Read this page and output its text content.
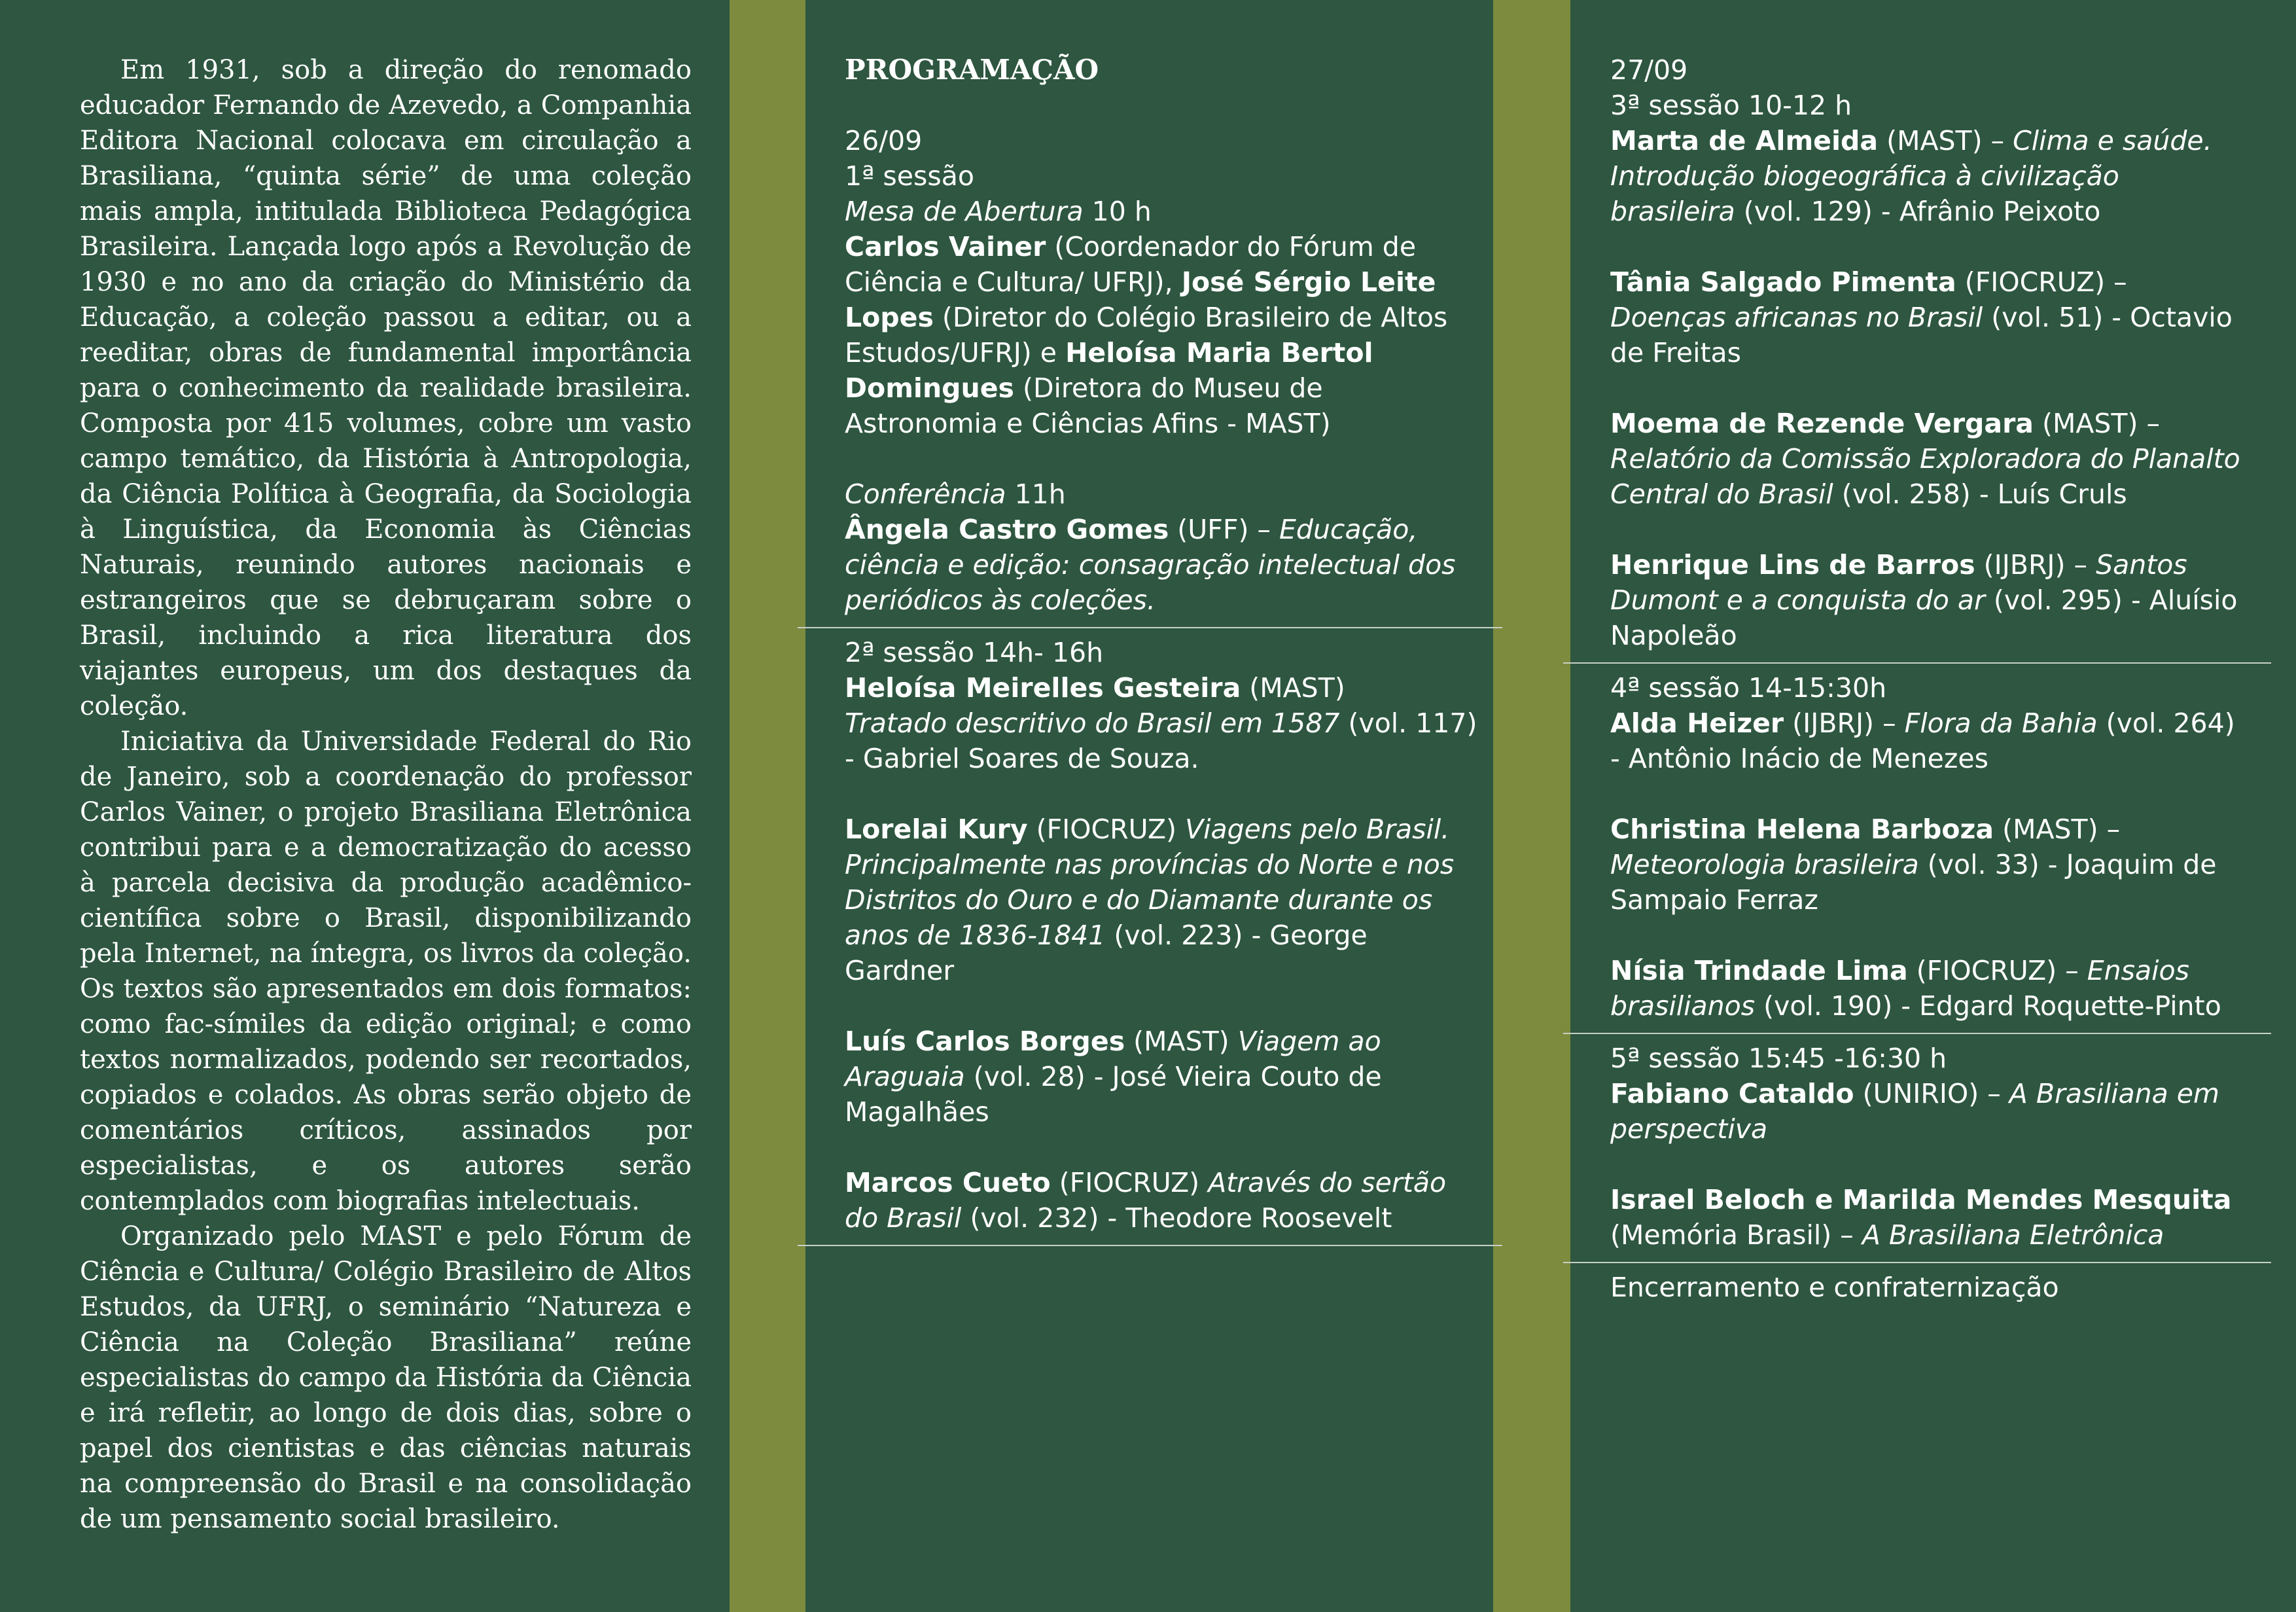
Em 1931, sob a direção do renomado educador Fernando de Azevedo, a Companhia Editora Nacional colocava em circulação a Brasiliana, “quinta série” de uma coleção mais ampla, intitulada Biblioteca Pedagógica Brasileira. Lançada logo após a Revolução de 1930 e no ano da criação do Ministério da Educação, a coleção passou a editar, ou a reeditar, obras de fundamental importância para o conhecimento da realidade brasileira. Composta por 415 volumes, cobre um vasto campo temático, da História à Antropologia, da Ciência Política à Geografia, da Sociologia à Linguística, da Economia às Ciências Naturais, reunindo autores nacionais e estrangeiros que se debruçaram sobre o Brasil, incluindo a rica literatura dos viajantes europeus, um dos destaques da coleção.

Iniciativa da Universidade Federal do Rio de Janeiro, sob a coordenação do professor Carlos Vainer, o projeto Brasiliana Eletrônica contribui para e a democratização do acesso à parcela decisiva da produção acadêmico-científica sobre o Brasil, disponibilizando pela Internet, na íntegra, os livros da coleção. Os textos são apresentados em dois formatos: como fac-símiles da edição original; e como textos normalizados, podendo ser recortados, copiados e colados. As obras serão objeto de comentários críticos, assinados por especialistas, e os autores serão contemplados com biografias intelectuais.

Organizado pelo MAST e pelo Fórum de Ciência e Cultura/ Colégio Brasileiro de Altos Estudos, da UFRJ, o seminário “Natureza e Ciência na Coleção Brasiliana” reúne especialistas do campo da História da Ciência e irá refletir, ao longo de dois dias, sobre o papel dos cientistas e das ciências naturais na compreensão do Brasil e na consolidação de um pensamento social brasileiro.

PROGRAMAÇÃO
26/09
1ª sessão
Mesa de Abertura 10 h
Carlos Vainer (Coordenador do Fórum de Ciência e Cultura/ UFRJ), José Sérgio Leite Lopes (Diretor do Colégio Brasileiro de Altos Estudos/UFRJ) e Heloísa Maria Bertol Domingues (Diretora do Museu de Astronomia e Ciências Afins - MAST)
Conferência 11h
Ângela Castro Gomes (UFF) – Educação, ciência e edição: consagração intelectual dos periódicos às coleções.
2ª sessão 14h- 16h
Heloísa Meirelles Gesteira (MAST)
Tratado descritivo do Brasil em 1587 (vol. 117) - Gabriel Soares de Souza.
Lorelai Kury (FIOCRUZ) Viagens pelo Brasil. Principalmente nas províncias do Norte e nos Distritos do Ouro e do Diamante durante os anos de 1836-1841 (vol. 223) - George Gardner
Luís Carlos Borges (MAST) Viagem ao Araguaia (vol. 28) - José Vieira Couto de Magalhães
Marcos Cueto (FIOCRUZ) Através do sertão do Brasil (vol. 232) - Theodore Roosevelt
27/09
3ª sessão 10-12 h
Marta de Almeida (MAST) – Clima e saúde. Introdução biogeográfica à civilização brasileira (vol. 129) - Afrânio Peixoto
Tânia Salgado Pimenta (FIOCRUZ) – Doenças africanas no Brasil (vol. 51) - Octavio de Freitas
Moema de Rezende Vergara (MAST) – Relatório da Comissão Exploradora do Planalto Central do Brasil (vol. 258) - Luís Cruls
Henrique Lins de Barros (IJBRJ) – Santos Dumont e a conquista do ar (vol. 295) - Aluísio Napoleão
4ª sessão 14-15:30h
Alda Heizer (IJBRJ) – Flora da Bahia (vol. 264) - Antônio Inácio de Menezes
Christina Helena Barboza (MAST) – Meteorologia brasileira (vol. 33) - Joaquim de Sampaio Ferraz
Nísia Trindade Lima (FIOCRUZ) – Ensaios brasilianos (vol. 190) - Edgard Roquette-Pinto
5ª sessão 15:45 -16:30 h
Fabiano Cataldo (UNIRIO) – A Brasiliana em perspectiva
Israel Beloch e Marilda Mendes Mesquita (Memória Brasil) – A Brasiliana Eletrônica
Encerramento e confraternização
